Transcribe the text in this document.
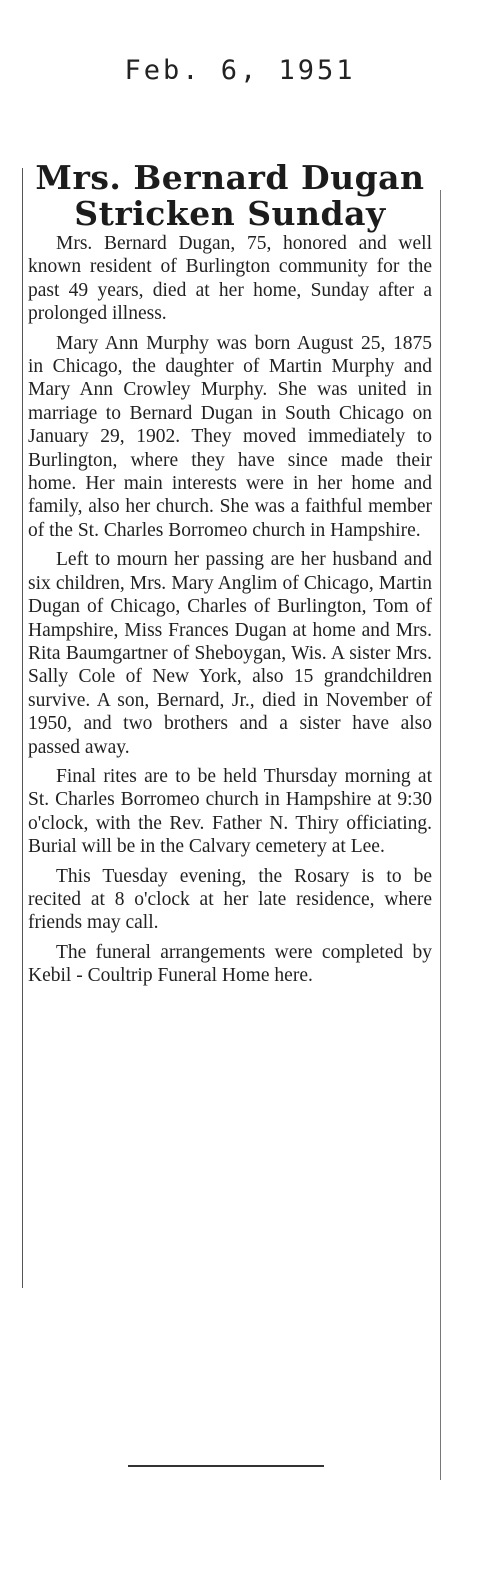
Feb. 6, 1951
Mrs. Bernard Dugan
Stricken Sunday

Mrs. Bernard Dugan, 75, honored and well known resident of Burlington community for the past 49 years, died at her home, Sunday after a prolonged illness.

Mary Ann Murphy was born August 25, 1875 in Chicago, the daughter of Martin Murphy and Mary Ann Crowley Murphy. She was united in marriage to Bernard Dugan in South Chicago on January 29, 1902. They moved immediately to Burlington, where they have since made their home. Her main interests were in her home and family, also her church. She was a faithful member of the St. Charles Borromeo church in Hampshire.

Left to mourn her passing are her husband and six children, Mrs. Mary Anglim of Chicago, Martin Dugan of Chicago, Charles of Burlington, Tom of Hampshire, Miss Frances Dugan at home and Mrs. Rita Baumgartner of Sheboygan, Wis. A sister Mrs. Sally Cole of New York, also 15 grandchildren survive. A son, Bernard, Jr., died in November of 1950, and two brothers and a sister have also passed away.

Final rites are to be held Thursday morning at St. Charles Borromeo church in Hampshire at 9:30 o'clock, with the Rev. Father N. Thiry officiating. Burial will be in the Calvary cemetery at Lee.

This Tuesday evening, the Rosary is to be recited at 8 o'clock at her late residence, where friends may call.

The funeral arrangements were completed by Kebil - Coultrip Funeral Home here.
